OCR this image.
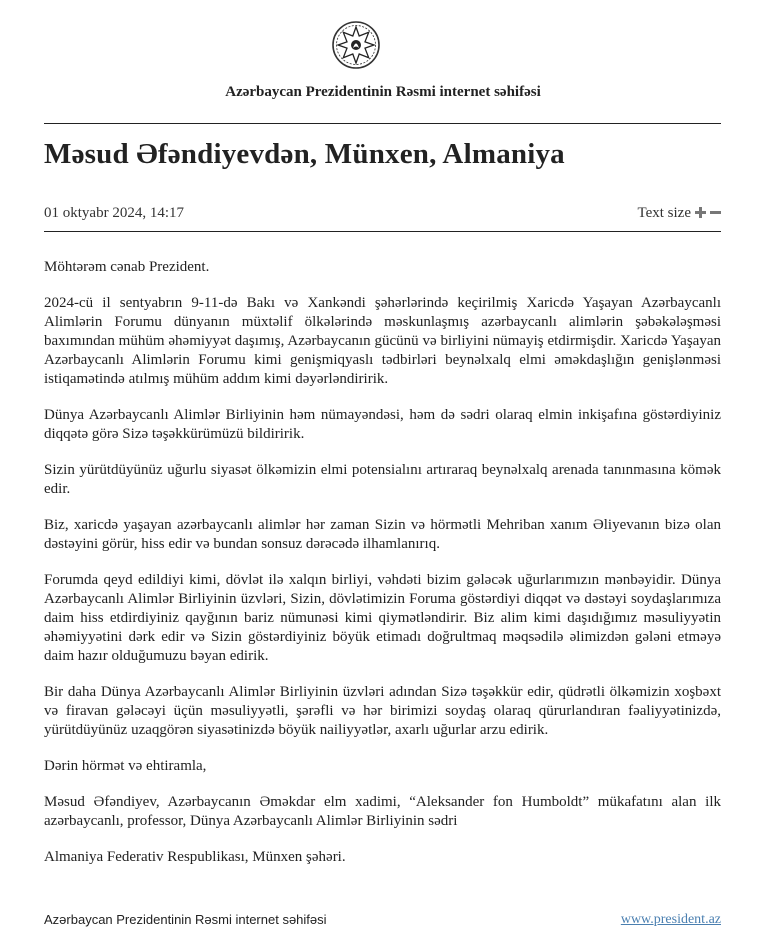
Azərbaycan Prezidentinin Rəsmi internet səhifəsi
Məsud Əfəndiyevdən, Münxen, Almaniya
01 oktyabr 2024, 14:17	Text size

Möhtərəm cənab Prezident.

2024-cü il sentyabrın 9-11-də Bakı və Xankəndi şəhərlərində keçirilmiş Xaricdə Yaşayan Azərbaycanlı Alimlərin Forumu dünyanın müxtəlif ölkələrində məskunlaşmış azərbaycanlı alimlərin şəbəkələşməsi baxımından mühüm əhəmiyyət daşımış, Azərbaycanın gücünü və birliyini nümayiş etdirmişdir. Xaricdə Yaşayan Azərbaycanlı Alimlərin Forumu kimi genişmiqyaslı tədbirləri beynəlxalq elmi əməkdaşlığın genişlənməsi istiqamətində atılmış mühüm addım kimi dəyərləndiririk.

Dünya Azərbaycanlı Alimlər Birliyinin həm nümayəndəsi, həm də sədri olaraq elmin inkişafına göstərdiyiniz diqqətə görə Sizə təşəkkürümüzü bildiririk.

Sizin yürütdüyünüz uğurlu siyasət ölkəmizin elmi potensialını artıraraq beynəlxalq arenada tanınmasına kömək edir.

Biz, xaricdə yaşayan azərbaycanlı alimlər hər zaman Sizin və hörmətli Mehriban xanım Əliyevanın bizə olan dəstəyini görür, hiss edir və bundan sonsuz dərəcədə ilhamlanırıq.

Forumda qeyd edildiyi kimi, dövlət ilə xalqın birliyi, vəhdəti bizim gələcək uğurlarımızın mənbəyidir. Dünya Azərbaycanlı Alimlər Birliyinin üzvləri, Sizin, dövlətimizin Foruma göstərdiyi diqqət və dəstəyi soydaşlarımıza daim hiss etdirdiyiniz qayğının bariz nümunəsi kimi qiymətləndirir. Biz alim kimi daşıdığımız məsuliyyətin əhəmiyyətini dərk edir və Sizin göstərdiyiniz böyük etimadı doğrultmaq məqsədilə əlimizdən gələni etməyə daim hazır olduğumuzu bəyan edirik.

Bir daha Dünya Azərbaycanlı Alimlər Birliyinin üzvləri adından Sizə təşəkkür edir, qüdrətli ölkəmizin xoşbəxt və firavan gələcəyi üçün məsuliyyətli, şərəfli və hər birimizi soydaş olaraq qürurlandıran fəaliyyətinizdə, yürütdüyünüz uzaqgörən siyasətinizdə böyük nailiyyətlər, axarlı uğurlar arzu edirik.

Dərin hörmət və ehtiramla,

Məsud Əfəndiyev, Azərbaycanın Əməkdar elm xadimi, “Aleksander fon Humboldt” mükafatını alan ilk azərbaycanlı, professor, Dünya Azərbaycanlı Alimlər Birliyinin sədri

Almaniya Federativ Respublikası, Münxen şəhəri.

Azərbaycan Prezidentinin Rəsmi internet səhifəsi	www.president.az
